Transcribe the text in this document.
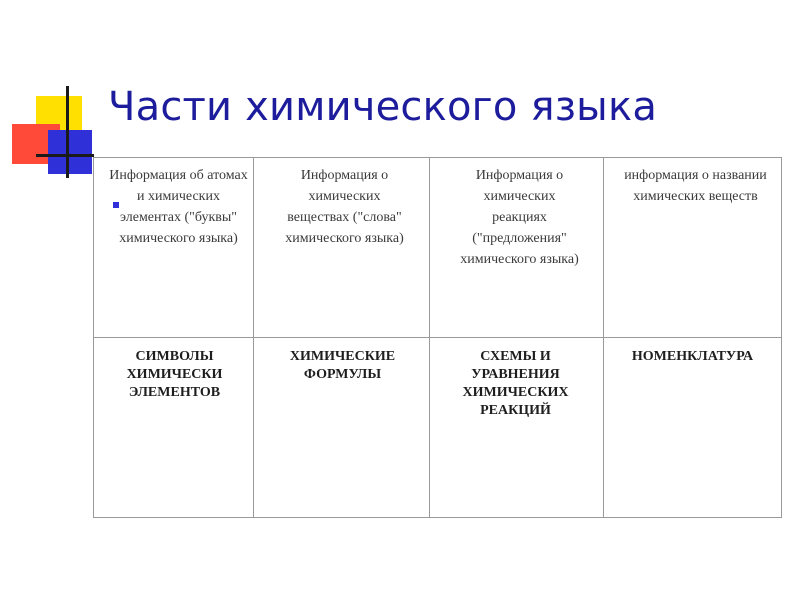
Части химического языка
Информация об атомах и химических элементах ("буквы" химического языка)	Информация о химических веществах ("слова" химического языка)	Информация о химических реакциях ("предложения" химического языка)	информация о названии химических веществ

СИМВОЛЫ ХИМИЧЕСКИ ЭЛЕМЕНТОВ	ХИМИЧЕСКИЕ ФОРМУЛЫ	СХЕМЫ И УРАВНЕНИЯ ХИМИЧЕСКИХ РЕАКЦИЙ	НОМЕНКЛАТУРА
